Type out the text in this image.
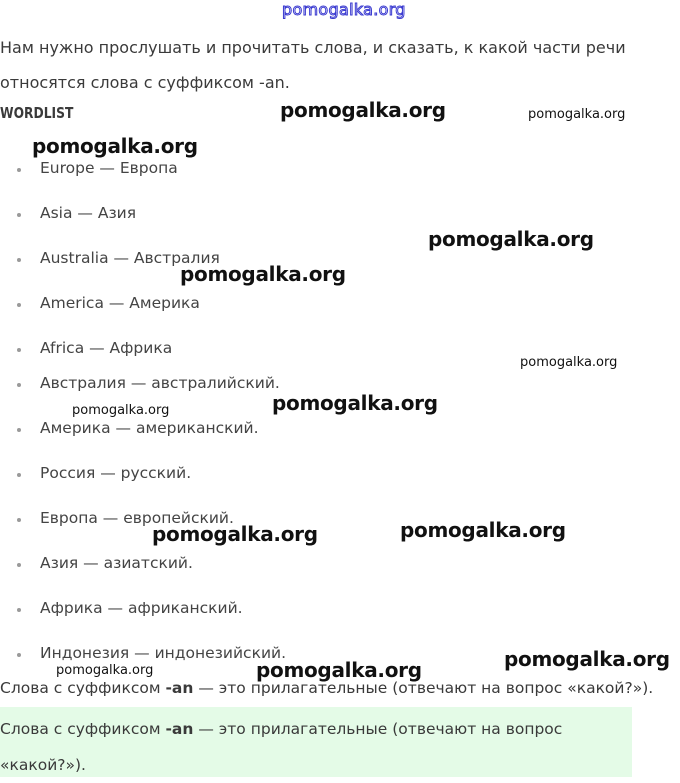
pomogalka.org
Нам нужно прослушать и прочитать слова, и сказать, к какой части речи
относятся слова с суффиксом -an.
WORDLIST
Europe — Европа
Asia — Азия
Australia — Австралия
America — Америка
Africa — Африка
Австралия — австралийский.
Америка — американский.
Россия — русский.
Европа — европейский.
Азия — азиатский.
Африка — африканский.
Индонезия — индонезийский.
Слова с суффиксом -an — это прилагательные (отвечают на вопрос «какой?»).
Слова с суффиксом -an — это прилагательные (отвечают на вопрос «какой?»).
pomogalka.org	pomogalka.org
pomogalka.org
pomogalka.org
pomogalka.org
pomogalka.org
pomogalka.org
pomogalka.org
pomogalka.org
pomogalka.org
pomogalka.org
pomogalka.org
pomogalka.org
